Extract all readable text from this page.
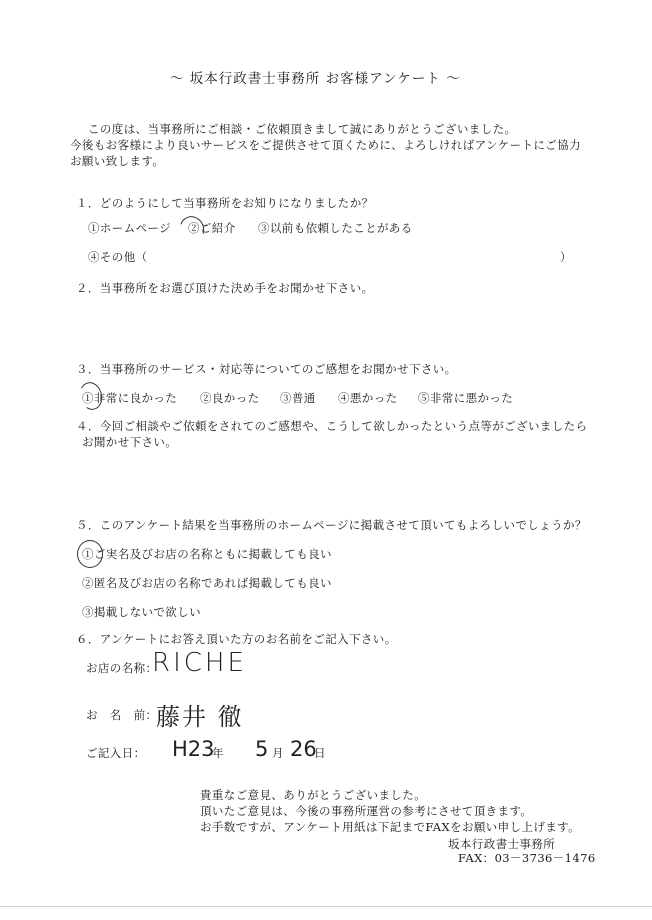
～ 坂本行政書士事務所 お客様アンケート ～
この度は、当事務所にご相談・ご依頼頂きまして誠にありがとうございました。
今後もお客様により良いサービスをご提供させて頂くために、よろしければアンケートにご協力
お願い致します。
１．どのようにして当事務所をお知りになりましたか？
①ホームページ ②ご紹介 ③以前も依頼したことがある
④その他（	）
２．当事務所をお選び頂けた決め手をお聞かせ下さい。
３．当事務所のサービス・対応等についてのご感想をお聞かせ下さい。
①非常に良かった ②良かった ③普通 ④悪かった ⑤非常に悪かった
４．今回ご相談やご依頼をされてのご感想や、こうして欲しかったという点等がございましたら
お聞かせ下さい。
５．このアンケート結果を当事務所のホームページに掲載させて頂いてもよろしいでしょうか？
①ご実名及びお店の名称ともに掲載しても良い
②匿名及びお店の名称であれば掲載しても良い
③掲載しないで欲しい
６．アンケートにお答え頂いた方のお名前をご記入下さい。
お店の名称：
RICHE
お　名　前：
藤井 徹
ご記入日： H23
年 5 月 26
日
貴重なご意見、ありがとうございました。
頂いたご意見は、今後の事務所運営の参考にさせて頂きます。
お手数ですが、アンケート用紙は下記までFAXをお願い申し上げます。
坂本行政書士事務所
FAX：03－3736－1476
